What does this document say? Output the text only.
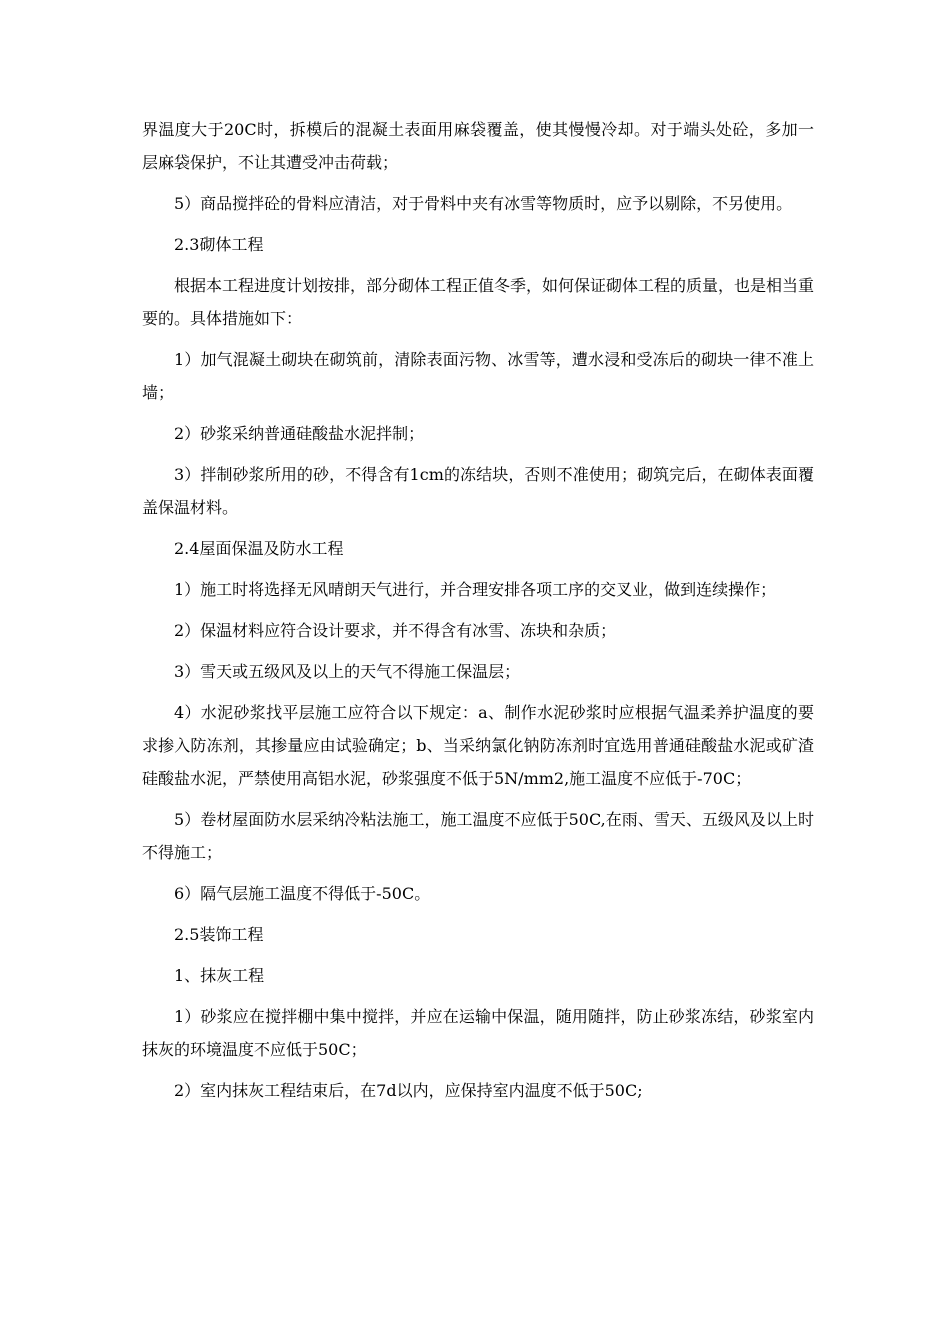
界温度大于20C时，拆模后的混凝土表面用麻袋覆盖，使其慢慢冷却。对于端头处砼，多加一层麻袋保护，不让其遭受冲击荷载；

5）商品搅拌砼的骨料应清洁，对于骨料中夹有冰雪等物质时，应予以剔除，不另使用。

2.3砌体工程

根据本工程进度计划按排，部分砌体工程正值冬季，如何保证砌体工程的质量，也是相当重要的。具体措施如下：

1）加气混凝土砌块在砌筑前，清除表面污物、冰雪等，遭水浸和受冻后的砌块一律不准上墙；

2）砂浆采纳普通硅酸盐水泥拌制；

3）拌制砂浆所用的砂，不得含有1cm的冻结块，否则不准使用；砌筑完后，在砌体表面覆盖保温材料。

2.4屋面保温及防水工程

1）施工时将选择无风晴朗天气进行，并合理安排各项工序的交叉业，做到连续操作；

2）保温材料应符合设计要求，并不得含有冰雪、冻块和杂质；

3）雪天或五级风及以上的天气不得施工保温层；

4）水泥砂浆找平层施工应符合以下规定：a、制作水泥砂浆时应根据气温柔养护温度的要求掺入防冻剂，其掺量应由试验确定；b、当采纳氯化钠防冻剂时宜选用普通硅酸盐水泥或矿渣硅酸盐水泥，严禁使用高铝水泥，砂浆强度不低于5N/mm2,施工温度不应低于-70C；

5）卷材屋面防水层采纳冷粘法施工，施工温度不应低于50C,在雨、雪天、五级风及以上时不得施工；

6）隔气层施工温度不得低于-50C。

2.5装饰工程

1、抹灰工程

1）砂浆应在搅拌棚中集中搅拌，并应在运输中保温，随用随拌，防止砂浆冻结，砂浆室内抹灰的环境温度不应低于50C；

2）室内抹灰工程结束后，在7d以内，应保持室内温度不低于50C;
